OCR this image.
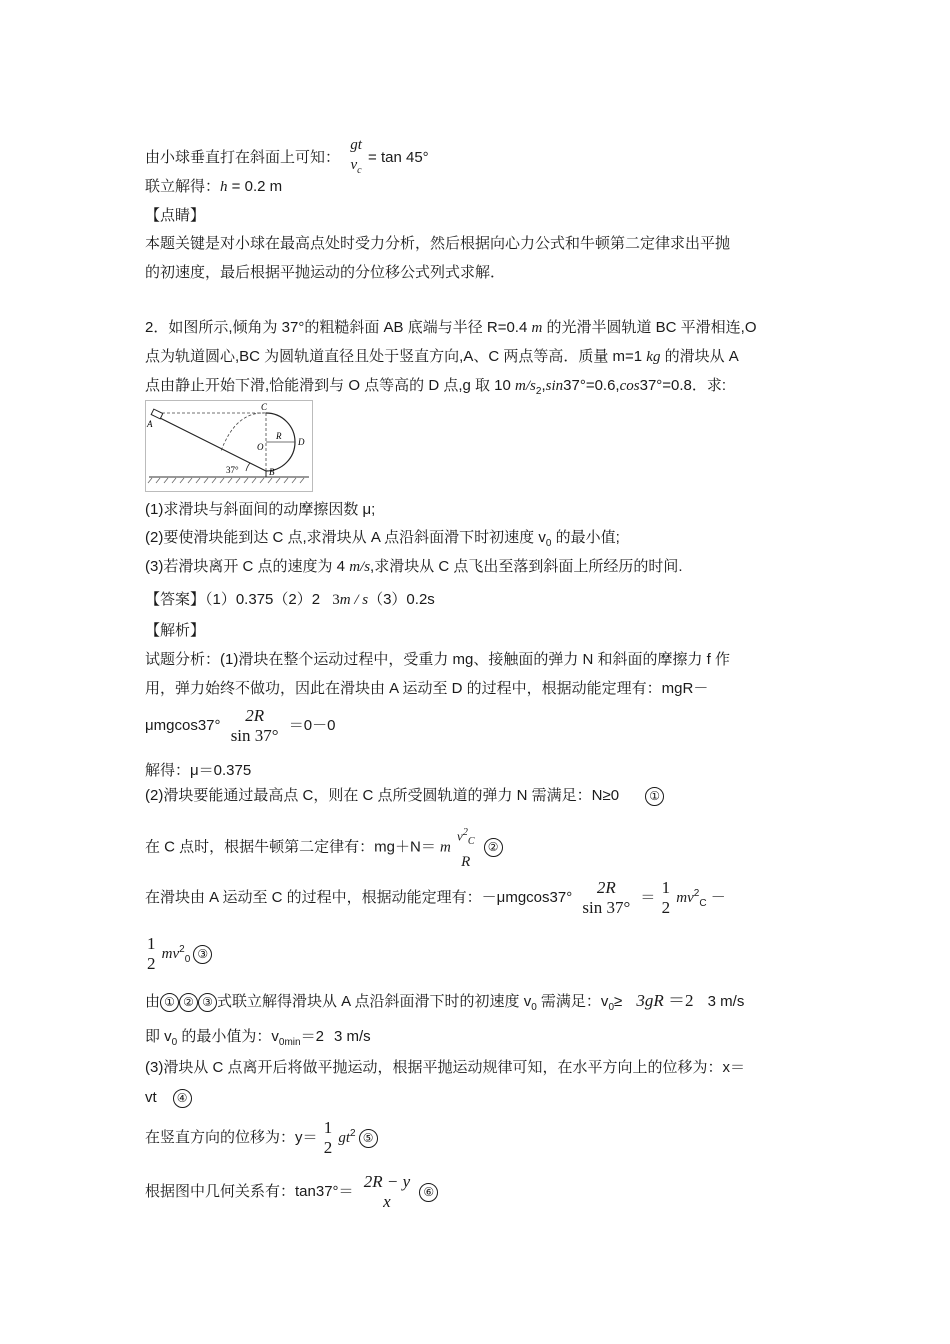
由小球垂直打在斜面上可知：
gt
$v_c$
= tan 45°
联立解得：h = 0.2 m
【点睛】
本题关键是对小球在最高点处时受力分析，然后根据向心力公式和牛顿第二定律求出平抛
的初速度，最后根据平抛运动的分位移公式列式求解．
2．如图所示,倾角为 37°的粗糙斜面 AB 底端与半径 R=0.4 m 的光滑半圆轨道 BC 平滑相连,O
点为轨道圆心,BC 为圆轨道直径且处于竖直方向,A、C 两点等高．质量 m=1 kg 的滑块从 A
点由静止开始下滑,恰能滑到与 O 点等高的 D 点,g 取 10 $m/s_2,\sin 37^\circ=0.6,\cos 37^\circ=0.8$．求:
A
C
D
O
R
B
37°
(1)求滑块与斜面间的动摩擦因数 μ;
(2)要使滑块能到达 C 点,求滑块从 A 点沿斜面滑下时初速度 $v_0$ 的最小值;
(3)若滑块离开 C 点的速度为 4 m/s,求滑块从 C 点飞出至落到斜面上所经历的时间.
【答案】（1）0.375（2）2 3m / s（3）0.2s
【解析】
试题分析：(1)滑块在整个运动过程中，受重力 mg、接触面的弹力 N 和斜面的摩擦力 f 作
用，弹力始终不做功，因此在滑块由 A 运动至 D 的过程中，根据动能定理有：mgR－
μmgcos37°
2R
sin 37°
＝0－0
解得：μ＝0.375
(2)滑块要能通过最高点 C，则在 C 点所受圆轨道的弹力 N 需满足：N≥0	①
在 C 点时，根据牛顿第二定律有：mg＋N＝ m
$v^2_C$
R
②
在滑块由 A 运动至 C 的过程中，根据动能定理有：－μmgcos37°
2R
sin 37°
＝
1
2
$mv^2_C$ －
1
2
$mv^2_0$ ③
由 ① ② ③ 式联立解得滑块从 A 点沿斜面滑下时的初速度 $v_0$ 需满足：$v_0\ge 3gR =2$ 3 m/s
即 $v_0$ 的最小值为：$v_{0min}=2$ 3 m/s
(3)滑块从 C 点离开后将做平抛运动，根据平抛运动规律可知，在水平方向上的位移为：x＝
vt ④
在竖直方向的位移为：y＝
1
2
$gt^2$ ⑤
根据图中几何关系有：tan37°＝
2R − y
x
⑥
